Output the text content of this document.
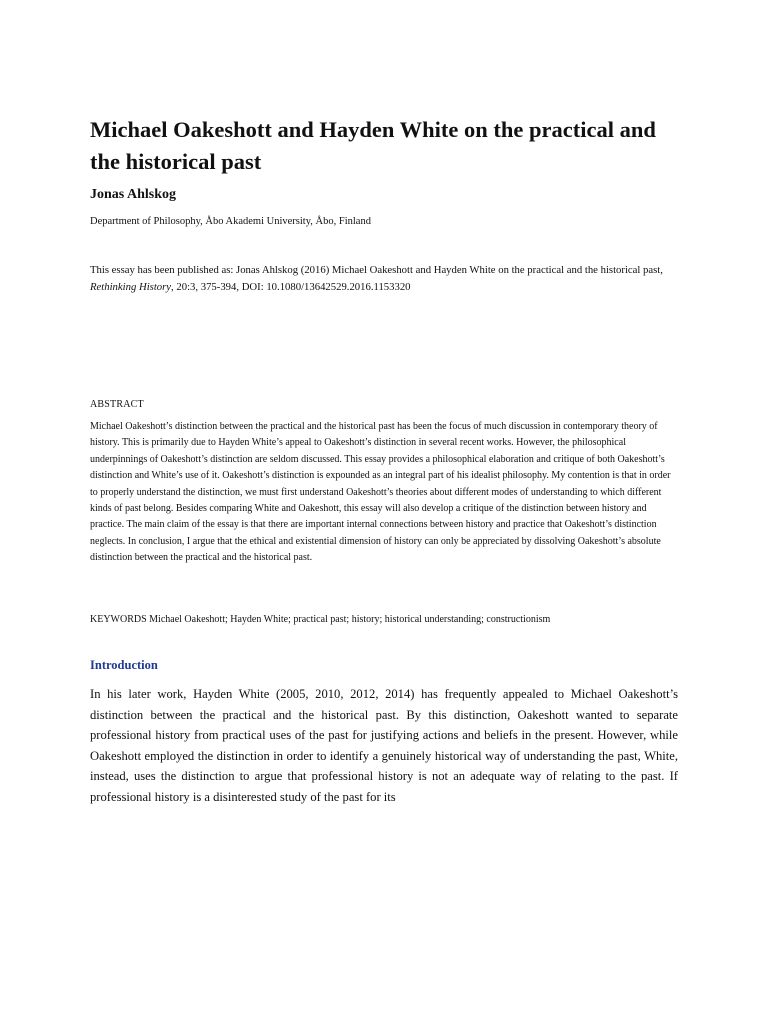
Michael Oakeshott and Hayden White on the practical and the historical past

Jonas Ahlskog

Department of Philosophy, Åbo Akademi University, Åbo, Finland

This essay has been published as: Jonas Ahlskog (2016) Michael Oakeshott and Hayden White on the practical and the historical past, Rethinking History, 20:3, 375-394, DOI: 10.1080/13642529.2016.1153320

ABSTRACT

Michael Oakeshott’s distinction between the practical and the historical past has been the focus of much discussion in contemporary theory of history. This is primarily due to Hayden White’s appeal to Oakeshott’s distinction in several recent works. However, the philosophical underpinnings of Oakeshott’s distinction are seldom discussed. This essay provides a philosophical elaboration and critique of both Oakeshott’s distinction and White’s use of it. Oakeshott’s distinction is expounded as an integral part of his idealist philosophy. My contention is that in order to properly understand the distinction, we must first understand Oakeshott’s theories about different modes of understanding to which different kinds of past belong. Besides comparing White and Oakeshott, this essay will also develop a critique of the distinction between history and practice. The main claim of the essay is that there are important internal connections between history and practice that Oakeshott’s distinction neglects. In conclusion, I argue that the ethical and existential dimension of history can only be appreciated by dissolving Oakeshott’s absolute distinction between the practical and the historical past.

KEYWORDS Michael Oakeshott; Hayden White; practical past; history; historical understanding; constructionism

Introduction

In his later work, Hayden White (2005, 2010, 2012, 2014) has frequently appealed to Michael Oakeshott’s distinction between the practical and the historical past. By this distinction, Oakeshott wanted to separate professional history from practical uses of the past for justifying actions and beliefs in the present. However, while Oakeshott employed the distinction in order to identify a genuinely historical way of understanding the past, White, instead, uses the distinction to argue that professional history is not an adequate way of relating to the past. If professional history is a disinterested study of the past for its
